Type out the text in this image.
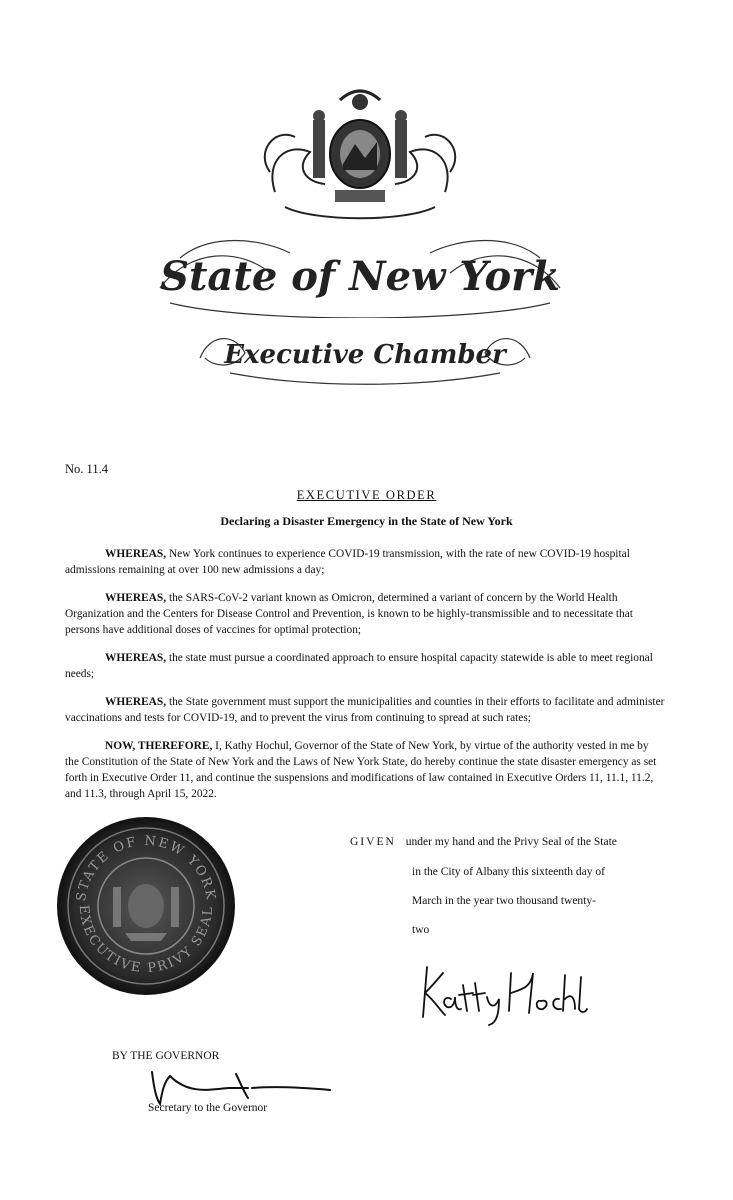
State of New York
Executive Chamber
No. 11.4
EXECUTIVE ORDER
Declaring a Disaster Emergency in the State of New York

WHEREAS, New York continues to experience COVID-19 transmission, with the rate of new COVID-19 hospital admissions remaining at over 100 new admissions a day;

WHEREAS, the SARS-CoV-2 variant known as Omicron, determined a variant of concern by the World Health Organization and the Centers for Disease Control and Prevention, is known to be highly-transmissible and to necessitate that persons have additional doses of vaccines for optimal protection;

WHEREAS, the state must pursue a coordinated approach to ensure hospital capacity statewide is able to meet regional needs;

WHEREAS, the State government must support the municipalities and counties in their efforts to facilitate and administer vaccinations and tests for COVID-19, and to prevent the virus from continuing to spread at such rates;

NOW, THEREFORE, I, Kathy Hochul, Governor of the State of New York, by virtue of the authority vested in me by the Constitution of the State of New York and the Laws of New York State, do hereby continue the state disaster emergency as set forth in Executive Order 11, and continue the suspensions and modifications of law contained in Executive Orders 11, 11.1, 11.2, and 11.3, through April 15, 2022.

STATE OF NEW YORK
EXECUTIVE PRIVY SEAL
GIVEN under my hand and the Privy Seal of the State
in the City of Albany this sixteenth day of
March in the year two thousand twenty-
two
BY THE GOVERNOR
Secretary to the Governor
